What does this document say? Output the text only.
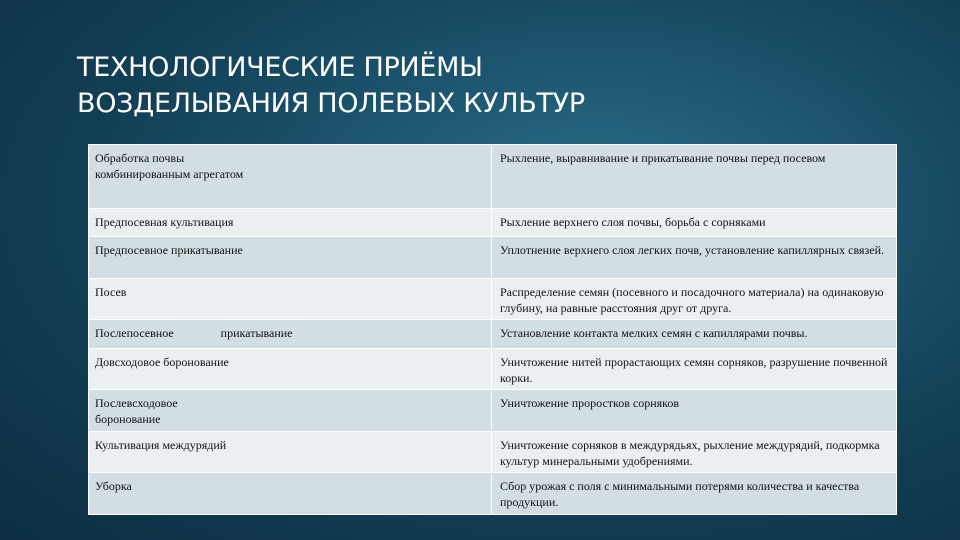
ТЕХНОЛОГИЧЕСКИЕ ПРИЁМЫ
ВОЗДЕЛЫВАНИЯ ПОЛЕВЫХ КУЛЬТУР
Обработка почвы комбинированным агрегатом	Рыхление, выравнивание и прикатывание почвы перед посевом
Предпосевная культивация	Рыхление верхнего слоя почвы, борьба с сорняками
Предпосевное прикатывание	Уплотнение верхнего слоя легких почв, установление капиллярных связей.
Посев	Распределение семян (посевного и посадочного материала) на одинаковую глубину, на равные расстояния друг от друга.
Послепосевное прикатывание	Установление контакта мелких семян с капиллярами почвы.
Довсходовое боронование	Уничтожение нитей прорастающих семян сорняков, разрушение почвенной корки.
Послевсходовое боронование	Уничтожение проростков сорняков
Культивация междурядий	Уничтожение сорняков в междурядьях, рыхление междурядий, подкормка культур минеральными удобрениями.
Уборка	Сбор урожая с поля с минимальными потерями количества и качества продукции.
